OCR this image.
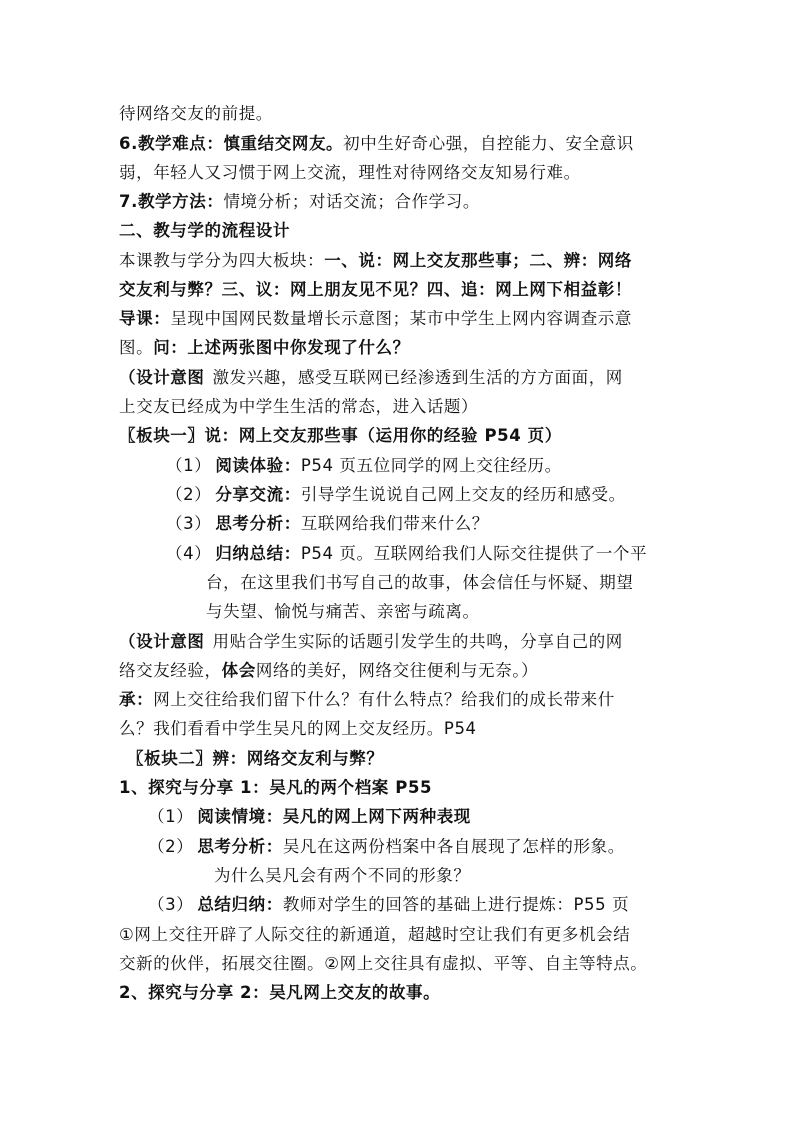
待网络交友的前提。
6.教学难点：慎重结交网友。初中生好奇心强，自控能力、安全意识
弱，年轻人又习惯于网上交流，理性对待网络交友知易行难。
7.教学方法：情境分析；对话交流；合作学习。
二、教与学的流程设计
本课教与学分为四大板块：一、说：网上交友那些事；二、辨：网络
交友利与弊？三、议：网上朋友见不见？四、追：网上网下相益彰！
导课：呈现中国网民数量增长示意图；某市中学生上网内容调查示意
图。问：上述两张图中你发现了什么？
（设计意图 激发兴趣，感受互联网已经渗透到生活的方方面面，网
上交友已经成为中学生生活的常态，进入话题）
〖板块一〗说：网上交友那些事（运用你的经验 P54 页）
（1） 阅读体验：P54 页五位同学的网上交往经历。
（2） 分享交流：引导学生说说自己网上交友的经历和感受。
（3） 思考分析：互联网给我们带来什么？
（4） 归纳总结：P54 页。互联网给我们人际交往提供了一个平
台，在这里我们书写自己的故事，体会信任与怀疑、期望
与失望、愉悦与痛苦、亲密与疏离。
（设计意图 用贴合学生实际的话题引发学生的共鸣，分享自己的网
络交友经验，体会网络的美好，网络交往便利与无奈。）
承：网上交往给我们留下什么？有什么特点？给我们的成长带来什
么？我们看看中学生吴凡的网上交友经历。P54
〖板块二〗辨：网络交友利与弊？
1、探究与分享 1：吴凡的两个档案 P55
（1） 阅读情境：吴凡的网上网下两种表现
（2） 思考分析：吴凡在这两份档案中各自展现了怎样的形象。
为什么吴凡会有两个不同的形象？
（3） 总结归纳：教师对学生的回答的基础上进行提炼：P55 页
①网上交往开辟了人际交往的新通道，超越时空让我们有更多机会结
交新的伙伴，拓展交往圈。②网上交往具有虚拟、平等、自主等特点。
2、探究与分享 2：吴凡网上交友的故事。
